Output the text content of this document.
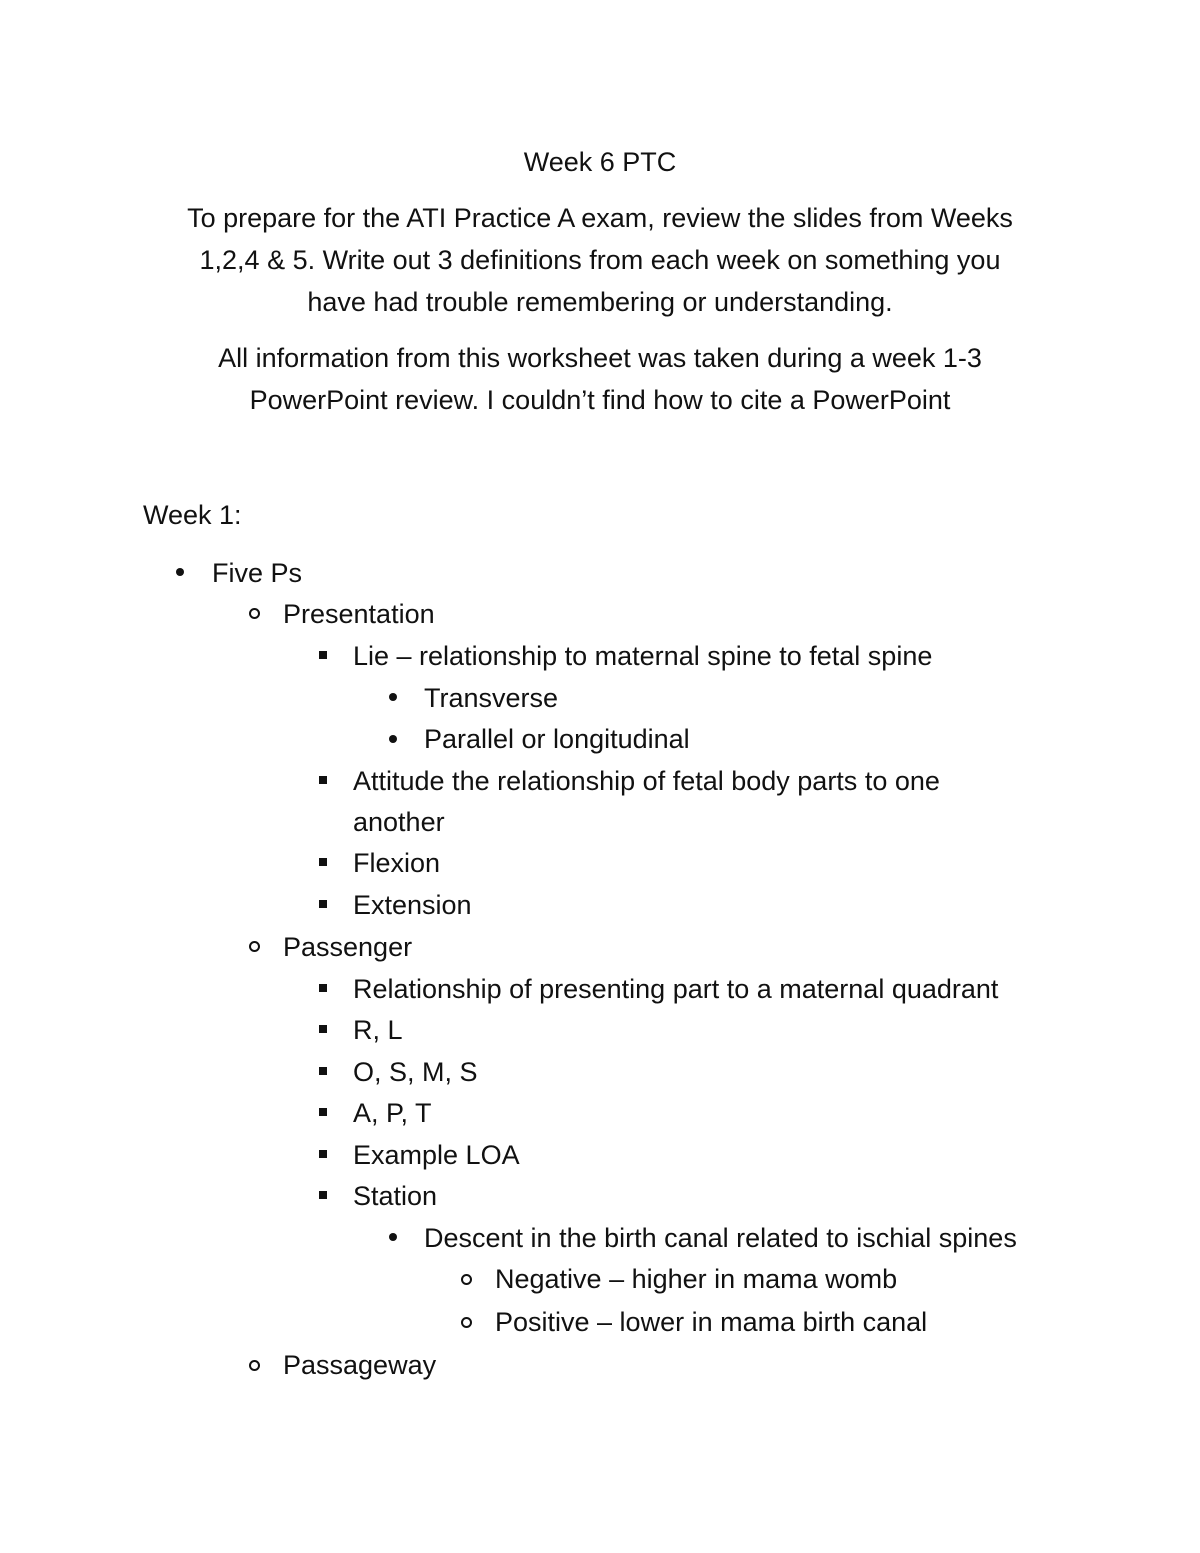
Week 6 PTC
To prepare for the ATI Practice A exam, review the slides from Weeks
1,2,4 & 5. Write out 3 definitions from each week on something you
have had trouble remembering or understanding.
All information from this worksheet was taken during a week 1-3
PowerPoint review. I couldn’t find how to cite a PowerPoint
Week 1:
Five Ps
Presentation
Lie – relationship to maternal spine to fetal spine
Transverse
Parallel or longitudinal
Attitude the relationship of fetal body parts to one
another
Flexion
Extension
Passenger
Relationship of presenting part to a maternal quadrant
R, L
O, S, M, S
A, P, T
Example LOA
Station
Descent in the birth canal related to ischial spines
Negative – higher in mama womb
Positive – lower in mama birth canal
Passageway
